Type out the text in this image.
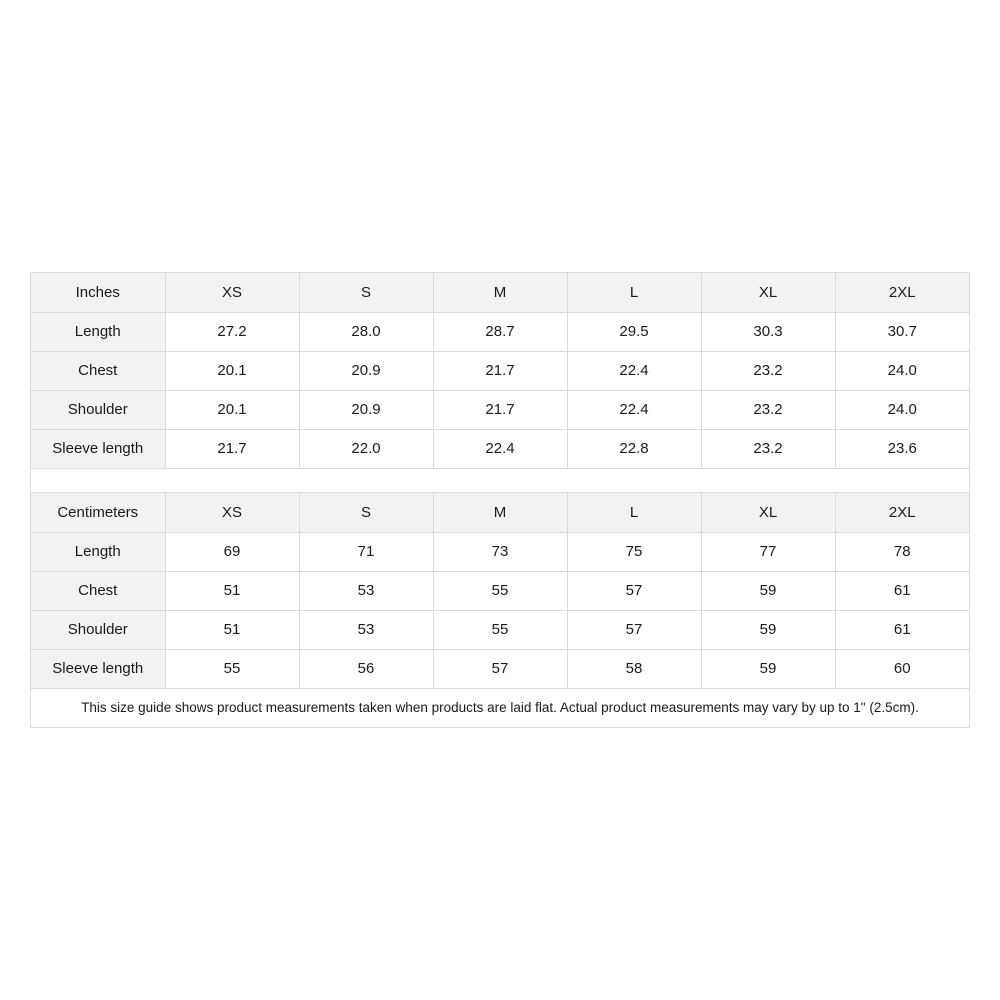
Inches	XS	S	M	L	XL	2XL
Length	27.2	28.0	28.7	29.5	30.3	30.7
Chest	20.1	20.9	21.7	22.4	23.2	24.0
Shoulder	20.1	20.9	21.7	22.4	23.2	24.0
Sleeve length	21.7	22.0	22.4	22.8	23.2	23.6
Centimeters	XS	S	M	L	XL	2XL
Length	69	71	73	75	77	78
Chest	51	53	55	57	59	61
Shoulder	51	53	55	57	59	61
Sleeve length	55	56	57	58	59	60
This size guide shows product measurements taken when products are laid flat. Actual product measurements may vary by up to 1" (2.5cm).
